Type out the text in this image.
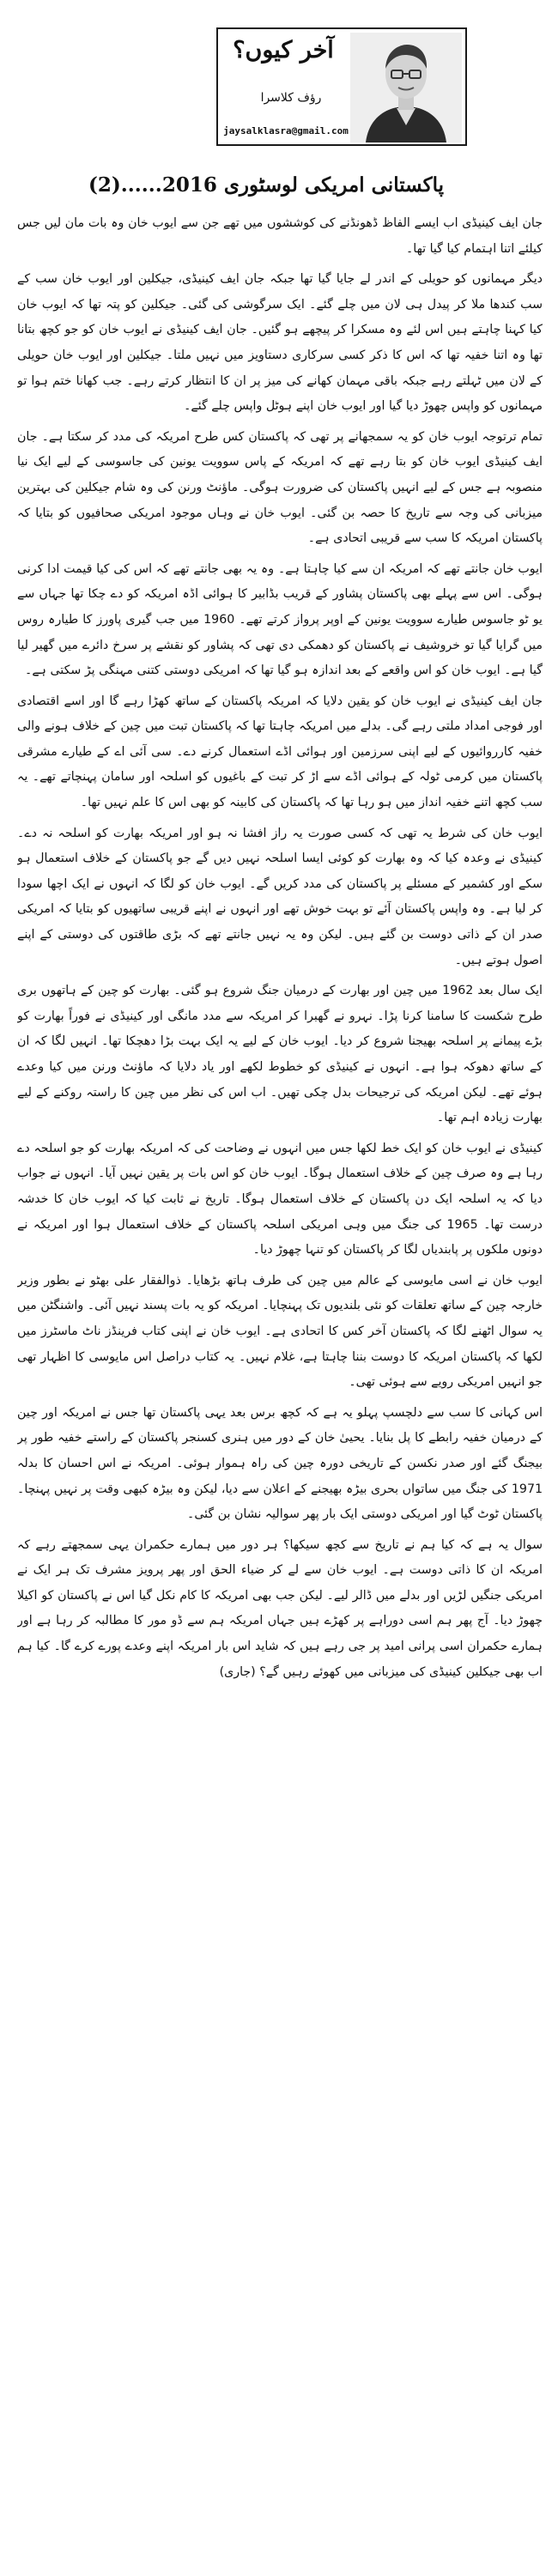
آخر کیوں؟
رؤف کلاسرا
jaysalklasra@gmail.com
پاکستانی امریکی لوسٹوری 2016......(2)

جان ایف کینیڈی اب ایسے الفاظ ڈھونڈنے کی کوششوں میں تھے جن سے ایوب خان وہ بات مان لیں جس کیلئے اتنا اہتمام کیا گیا تھا۔

دیگر مہمانوں کو حویلی کے اندر لے جایا گیا تھا جبکہ جان ایف کینیڈی، جیکلین اور ایوب خان سب کے سب کندھا ملا کر پیدل ہی لان میں چلے گئے۔ ایک سرگوشی کی گئی۔ جیکلین کو پتہ تھا کہ ایوب خان کیا کہنا چاہتے ہیں اس لئے وہ مسکرا کر پیچھے ہو گئیں۔ جان ایف کینیڈی نے ایوب خان کو جو کچھ بتانا تھا وہ اتنا خفیہ تھا کہ اس کا ذکر کسی سرکاری دستاویز میں نہیں ملتا۔ جیکلین اور ایوب خان حویلی کے لان میں ٹہلتے رہے جبکہ باقی مہمان کھانے کی میز پر ان کا انتظار کرتے رہے۔ جب کھانا ختم ہوا تو مہمانوں کو واپس چھوڑ دیا گیا اور ایوب خان اپنے ہوٹل واپس چلے گئے۔

تمام ترتوجہ ایوب خان کو یہ سمجھانے پر تھی کہ پاکستان کس طرح امریکہ کی مدد کر سکتا ہے۔ جان ایف کینیڈی ایوب خان کو بتا رہے تھے کہ امریکہ کے پاس سوویت یونین کی جاسوسی کے لیے ایک نیا منصوبہ ہے جس کے لیے انہیں پاکستان کی ضرورت ہوگی۔ ماؤنٹ ورنن کی وہ شام جیکلین کی بہترین میزبانی کی وجہ سے تاریخ کا حصہ بن گئی۔ ایوب خان نے وہاں موجود امریکی صحافیوں کو بتایا کہ پاکستان امریکہ کا سب سے قریبی اتحادی ہے۔

ایوب خان جانتے تھے کہ امریکہ ان سے کیا چاہتا ہے۔ وہ یہ بھی جانتے تھے کہ اس کی کیا قیمت ادا کرنی ہوگی۔ اس سے پہلے بھی پاکستان پشاور کے قریب بڈابیر کا ہوائی اڈہ امریکہ کو دے چکا تھا جہاں سے یو ٹو جاسوس طیارے سوویت یونین کے اوپر پرواز کرتے تھے۔ 1960 میں جب گیری پاورز کا طیارہ روس میں گرایا گیا تو خروشیف نے پاکستان کو دھمکی دی تھی کہ پشاور کو نقشے پر سرخ دائرے میں گھیر لیا گیا ہے۔ ایوب خان کو اس واقعے کے بعد اندازہ ہو گیا تھا کہ امریکی دوستی کتنی مہنگی پڑ سکتی ہے۔

جان ایف کینیڈی نے ایوب خان کو یقین دلایا کہ امریکہ پاکستان کے ساتھ کھڑا رہے گا اور اسے اقتصادی اور فوجی امداد ملتی رہے گی۔ بدلے میں امریکہ چاہتا تھا کہ پاکستان تبت میں چین کے خلاف ہونے والی خفیہ کارروائیوں کے لیے اپنی سرزمین اور ہوائی اڈے استعمال کرنے دے۔ سی آئی اے کے طیارے مشرقی پاکستان میں کرمی ٹولہ کے ہوائی اڈے سے اڑ کر تبت کے باغیوں کو اسلحہ اور سامان پہنچاتے تھے۔ یہ سب کچھ اتنے خفیہ انداز میں ہو رہا تھا کہ پاکستان کی کابینہ کو بھی اس کا علم نہیں تھا۔

ایوب خان کی شرط یہ تھی کہ کسی صورت یہ راز افشا نہ ہو اور امریکہ بھارت کو اسلحہ نہ دے۔ کینیڈی نے وعدہ کیا کہ وہ بھارت کو کوئی ایسا اسلحہ نہیں دیں گے جو پاکستان کے خلاف استعمال ہو سکے اور کشمیر کے مسئلے پر پاکستان کی مدد کریں گے۔ ایوب خان کو لگا کہ انہوں نے ایک اچھا سودا کر لیا ہے۔ وہ واپس پاکستان آئے تو بہت خوش تھے اور انہوں نے اپنے قریبی ساتھیوں کو بتایا کہ امریکی صدر ان کے ذاتی دوست بن گئے ہیں۔ لیکن وہ یہ نہیں جانتے تھے کہ بڑی طاقتوں کی دوستی کے اپنے اصول ہوتے ہیں۔

ایک سال بعد 1962 میں چین اور بھارت کے درمیان جنگ شروع ہو گئی۔ بھارت کو چین کے ہاتھوں بری طرح شکست کا سامنا کرنا پڑا۔ نہرو نے گھبرا کر امریکہ سے مدد مانگی اور کینیڈی نے فوراً بھارت کو بڑے پیمانے پر اسلحہ بھیجنا شروع کر دیا۔ ایوب خان کے لیے یہ ایک بہت بڑا دھچکا تھا۔ انہیں لگا کہ ان کے ساتھ دھوکہ ہوا ہے۔ انہوں نے کینیڈی کو خطوط لکھے اور یاد دلایا کہ ماؤنٹ ورنن میں کیا وعدے ہوئے تھے۔ لیکن امریکہ کی ترجیحات بدل چکی تھیں۔ اب اس کی نظر میں چین کا راستہ روکنے کے لیے بھارت زیادہ اہم تھا۔

کینیڈی نے ایوب خان کو ایک خط لکھا جس میں انہوں نے وضاحت کی کہ امریکہ بھارت کو جو اسلحہ دے رہا ہے وہ صرف چین کے خلاف استعمال ہوگا۔ ایوب خان کو اس بات پر یقین نہیں آیا۔ انہوں نے جواب دیا کہ یہ اسلحہ ایک دن پاکستان کے خلاف استعمال ہوگا۔ تاریخ نے ثابت کیا کہ ایوب خان کا خدشہ درست تھا۔ 1965 کی جنگ میں وہی امریکی اسلحہ پاکستان کے خلاف استعمال ہوا اور امریکہ نے دونوں ملکوں پر پابندیاں لگا کر پاکستان کو تنہا چھوڑ دیا۔

ایوب خان نے اسی مایوسی کے عالم میں چین کی طرف ہاتھ بڑھایا۔ ذوالفقار علی بھٹو نے بطور وزیر خارجہ چین کے ساتھ تعلقات کو نئی بلندیوں تک پہنچایا۔ امریکہ کو یہ بات پسند نہیں آئی۔ واشنگٹن میں یہ سوال اٹھنے لگا کہ پاکستان آخر کس کا اتحادی ہے۔ ایوب خان نے اپنی کتاب فرینڈز ناٹ ماسٹرز میں لکھا کہ پاکستان امریکہ کا دوست بننا چاہتا ہے، غلام نہیں۔ یہ کتاب دراصل اس مایوسی کا اظہار تھی جو انہیں امریکی رویے سے ہوئی تھی۔

اس کہانی کا سب سے دلچسپ پہلو یہ ہے کہ کچھ برس بعد یہی پاکستان تھا جس نے امریکہ اور چین کے درمیان خفیہ رابطے کا پل بنایا۔ یحییٰ خان کے دور میں ہنری کسنجر پاکستان کے راستے خفیہ طور پر بیجنگ گئے اور صدر نکسن کے تاریخی دورہ چین کی راہ ہموار ہوئی۔ امریکہ نے اس احسان کا بدلہ 1971 کی جنگ میں ساتواں بحری بیڑہ بھیجنے کے اعلان سے دیا، لیکن وہ بیڑہ کبھی وقت پر نہیں پہنچا۔ پاکستان ٹوٹ گیا اور امریکی دوستی ایک بار پھر سوالیہ نشان بن گئی۔

سوال یہ ہے کہ کیا ہم نے تاریخ سے کچھ سیکھا؟ ہر دور میں ہمارے حکمران یہی سمجھتے رہے کہ امریکہ ان کا ذاتی دوست ہے۔ ایوب خان سے لے کر ضیاء الحق اور پھر پرویز مشرف تک ہر ایک نے امریکی جنگیں لڑیں اور بدلے میں ڈالر لیے۔ لیکن جب بھی امریکہ کا کام نکل گیا اس نے پاکستان کو اکیلا چھوڑ دیا۔ آج پھر ہم اسی دوراہے پر کھڑے ہیں جہاں امریکہ ہم سے ڈو مور کا مطالبہ کر رہا ہے اور ہمارے حکمران اسی پرانی امید پر جی رہے ہیں کہ شاید اس بار امریکہ اپنے وعدے پورے کرے گا۔ کیا ہم اب بھی جیکلین کینیڈی کی میزبانی میں کھوئے رہیں گے؟ (جاری)
